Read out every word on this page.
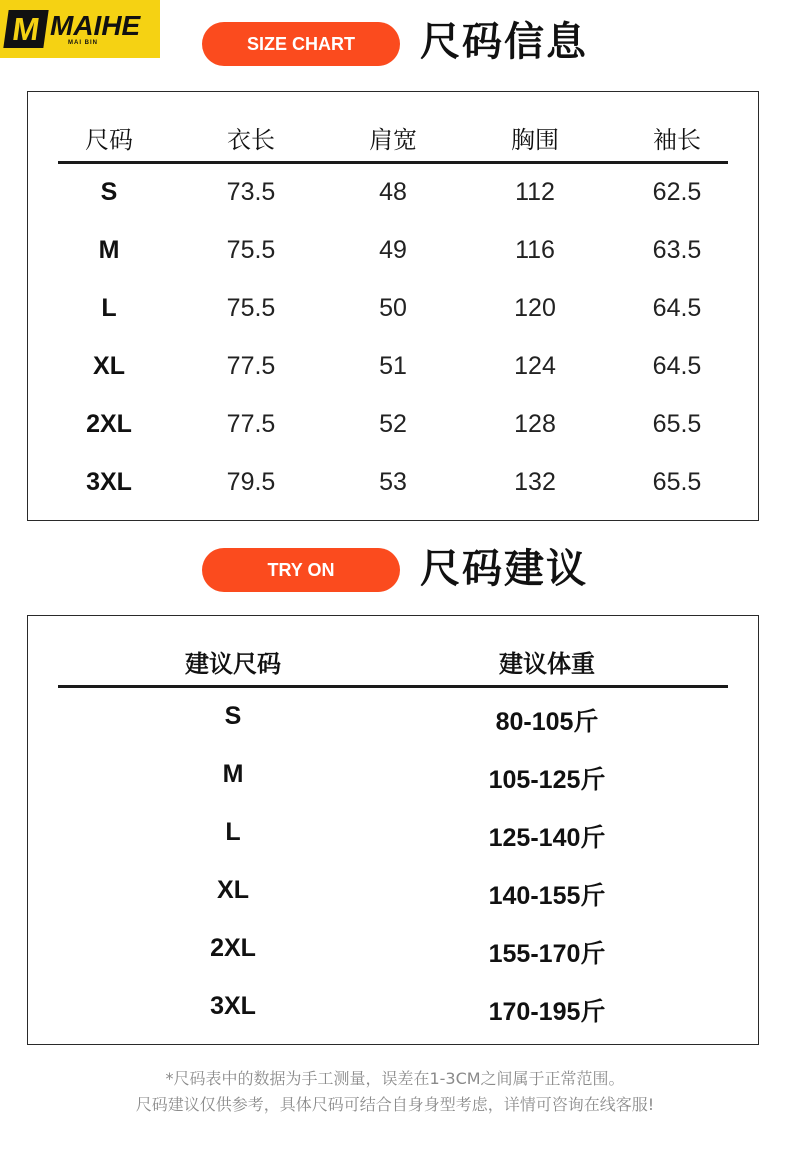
M MAIHE
MAI BIN	SIZE CHART	尺码信息
尺码	衣长	肩宽	胸围	袖长
S	73.5	48	112	62.5
M	75.5	49	116	63.5
L	75.5	50	120	64.5
XL	77.5	51	124	64.5
2XL	77.5	52	128	65.5
3XL	79.5	53	132	65.5
TRY ON	尺码建议
建议尺码	建议体重
S	80-105斤
M	105-125斤
L	125-140斤
XL	140-155斤
2XL	155-170斤
3XL	170-195斤
*尺码表中的数据为手工测量，误差在1-3CM之间属于正常范围。
尺码建议仅供参考，具体尺码可结合自身身型考虑，详情可咨询在线客服!
